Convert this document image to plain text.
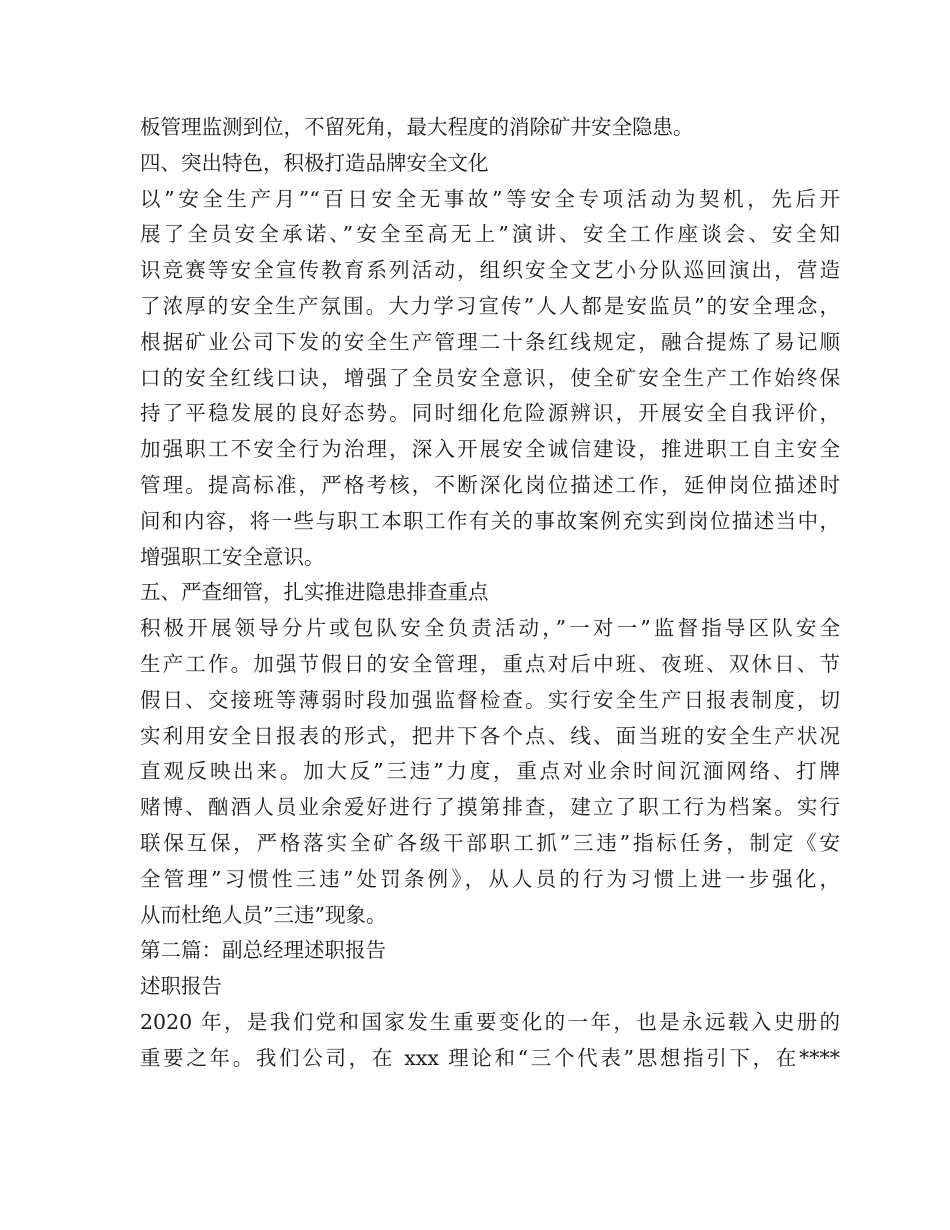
板管理监测到位，不留死角，最大程度的消除矿井安全隐患。
四、突出特色，积极打造品牌安全文化
以”安全生产月”“百日安全无事故”等安全专项活动为契机，先后开
展了全员安全承诺、”安全至高无上”演讲、安全工作座谈会、安全知
识竞赛等安全宣传教育系列活动，组织安全文艺小分队巡回演出，营造
了浓厚的安全生产氛围。大力学习宣传”人人都是安监员”的安全理念，
根据矿业公司下发的安全生产管理二十条红线规定，融合提炼了易记顺
口的安全红线口诀，增强了全员安全意识，使全矿安全生产工作始终保
持了平稳发展的良好态势。同时细化危险源辨识，开展安全自我评价，
加强职工不安全行为治理，深入开展安全诚信建设，推进职工自主安全
管理。提高标准，严格考核，不断深化岗位描述工作，延伸岗位描述时
间和内容，将一些与职工本职工作有关的事故案例充实到岗位描述当中，
增强职工安全意识。
五、严查细管，扎实推进隐患排查重点
积极开展领导分片或包队安全负责活动，”一对一”监督指导区队安全
生产工作。加强节假日的安全管理，重点对后中班、夜班、双休日、节
假日、交接班等薄弱时段加强监督检查。实行安全生产日报表制度，切
实利用安全日报表的形式，把井下各个点、线、面当班的安全生产状况
直观反映出来。加大反”三违”力度，重点对业余时间沉湎网络、打牌
赌博、酗酒人员业余爱好进行了摸第排查，建立了职工行为档案。实行
联保互保，严格落实全矿各级干部职工抓”三违”指标任务，制定《安
全管理”习惯性三违”处罚条例》，从人员的行为习惯上进一步强化，
从而杜绝人员”三违”现象。
第二篇：副总经理述职报告
述职报告
2020 年，是我们党和国家发生重要变化的一年，也是永远载入史册的
重要之年。我们公司，在 xxx 理论和“三个代表”思想指引下，在****
